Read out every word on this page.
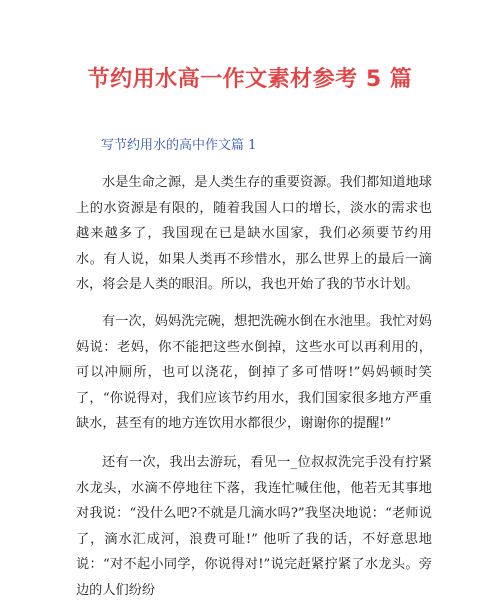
节约用水高一作文素材参考 5 篇
写节约用水的高中作文篇 1

水是生命之源，是人类生存的重要资源。我们都知道地球上的水资源是有限的，随着我国人口的增长，淡水的需求也越来越多了，我国现在已是缺水国家，我们必须要节约用水。有人说，如果人类再不珍惜水，那么世界上的最后一滴水，将会是人类的眼泪。所以，我也开始了我的节水计划。

有一次，妈妈洗完碗，想把洗碗水倒在水池里。我忙对妈妈说：老妈，你不能把这些水倒掉，这些水可以再利用的，可以冲厕所，也可以浇花，倒掉了多可惜呀!”妈妈顿时笑了，“你说得对，我们应该节约用水，我们国家很多地方严重缺水，甚至有的地方连饮用水都很少，谢谢你的提醒!”

还有一次，我出去游玩，看见一_位叔叔洗完手没有拧紧水龙头，水滴不停地往下落，我连忙喊住他，他若无其事地对我说：“没什么吧?不就是几滴水吗?”我坚决地说：“老师说了，滴水汇成河，浪费可耻!” 他听了我的话，不好意思地说：“对不起小同学，你说得对!”说完赶紧拧紧了水龙头。旁边的人们纷纷
